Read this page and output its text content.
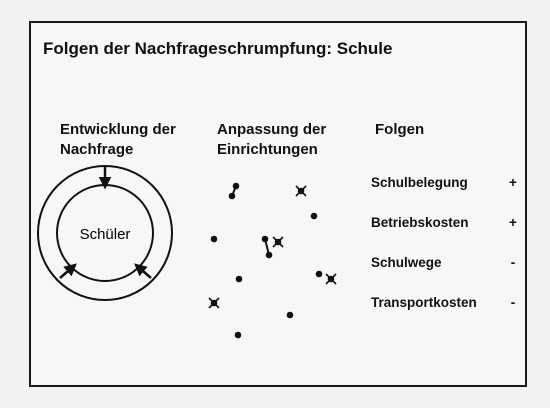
Folgen der Nachfrageschrumpfung: Schule
Entwicklung der
Nachfrage
Anpassung der
Einrichtungen
Folgen
Schüler
Schulbelegung	+
Betriebskosten	+
Schulwege	-
Transportkosten	-
